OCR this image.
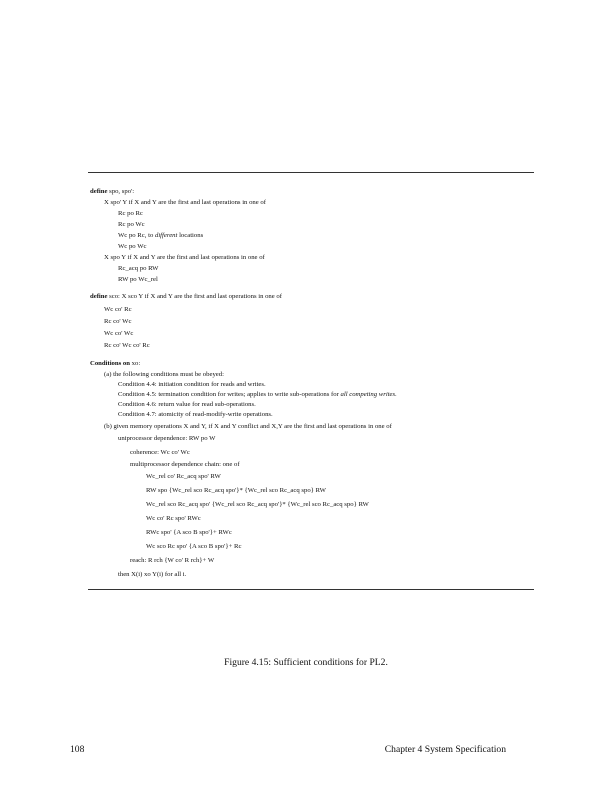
define spo, spo':
X spo' Y if X and Y are the first and last operations in one of
Rc po Rc
Rc po Wc
Wc po Rc, to different locations
Wc po Wc
X spo Y if X and Y are the first and last operations in one of
Rc_acq po RW
RW po Wc_rel
define sco: X sco Y if X and Y are the first and last operations in one of
Wc co' Rc
Rc co' Wc
Wc co' Wc
Rc co' Wc co' Rc
Conditions on xo:
(a) the following conditions must be obeyed:
Condition 4.4: initiation condition for reads and writes.
Condition 4.5: termination condition for writes; applies to write sub-operations for all competing writes.
Condition 4.6: return value for read sub-operations.
Condition 4.7: atomicity of read-modify-write operations.
(b) given memory operations X and Y, if X and Y conflict and X,Y are the first and last operations in one of
uniprocessor dependence: RW po W
coherence: Wc co' Wc
multiprocessor dependence chain: one of
Wc_rel co' Rc_acq spo' RW
RW spo {Wc_rel sco Rc_acq spo'}* {Wc_rel sco Rc_acq spo} RW
Wc_rel sco Rc_acq spo' {Wc_rel sco Rc_acq spo'}* {Wc_rel sco Rc_acq spo} RW
Wc co' Rc spo' RWc
RWc spo' {A sco B spo'}+ RWc
Wc sco Rc spo' {A sco B spo'}+ Rc
reach: R rch {W co' R rch}+ W
then X(i) xo Y(i) for all i.
Figure 4.15: Sufficient conditions for PL2.
108	Chapter 4 System Specification
